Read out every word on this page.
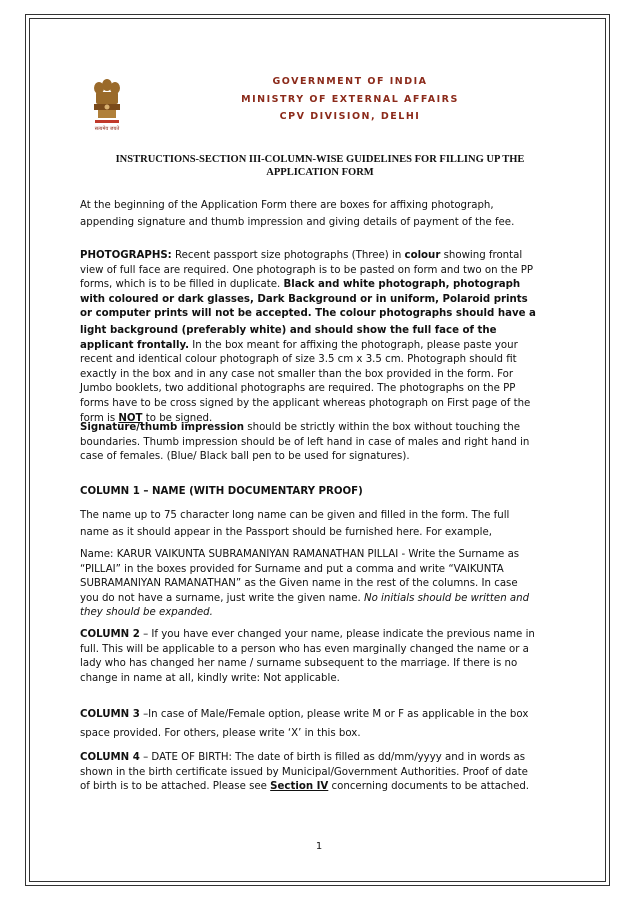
सत्यमेव जयते
GOVERNMENT OF INDIA
MINISTRY OF EXTERNAL AFFAIRS
CPV DIVISION, DELHI
INSTRUCTIONS-SECTION III-COLUMN-WISE GUIDELINES FOR FILLING UP THE
APPLICATION FORM

At the beginning of the Application Form there are boxes for affixing photograph,

appending signature and thumb impression and giving details of payment of the fee.

PHOTOGRAPHS: Recent passport size photographs (Three) in colour showing frontal

view of full face are required. One photograph is to be pasted on form and two on the PP

forms, which is to be filled in duplicate. Black and white photograph, photograph

with coloured or dark glasses, Dark Background or in uniform, Polaroid prints

or computer prints will not be accepted. The colour photographs should have a

light background (preferably white) and should show the full face of the

applicant frontally. In the box meant for affixing the photograph, please paste your

recent and identical colour photograph of size 3.5 cm x 3.5 cm. Photograph should fit

exactly in the box and in any case not smaller than the box provided in the form. For

Jumbo booklets, two additional photographs are required. The photographs on the PP

forms have to be cross signed by the applicant whereas photograph on First page of the

form is NOT to be signed.

Signature/thumb impression should be strictly within the box without touching the

boundaries. Thumb impression should be of left hand in case of males and right hand in

case of females. (Blue/ Black ball pen to be used for signatures).

COLUMN 1 – NAME (WITH DOCUMENTARY PROOF)

The name up to 75 character long name can be given and filled in the form. The full

name as it should appear in the Passport should be furnished here. For example,

Name: KARUR VAIKUNTA SUBRAMANIYAN RAMANATHAN PILLAI - Write the Surname as

“PILLAI” in the boxes provided for Surname and put a comma and write “VAIKUNTA

SUBRAMANIYAN RAMANATHAN” as the Given name in the rest of the columns. In case

you do not have a surname, just write the given name. No initials should be written and

they should be expanded.

COLUMN 2 – If you have ever changed your name, please indicate the previous name in

full. This will be applicable to a person who has even marginally changed the name or a

lady who has changed her name / surname subsequent to the marriage. If there is no

change in name at all, kindly write: Not applicable.

COLUMN 3 –In case of Male/Female option, please write M or F as applicable in the box

space provided. For others, please write ‘X’ in this box.

COLUMN 4 – DATE OF BIRTH: The date of birth is filled as dd/mm/yyyy and in words as

shown in the birth certificate issued by Municipal/Government Authorities. Proof of date

of birth is to be attached. Please see Section IV concerning documents to be attached.

1
